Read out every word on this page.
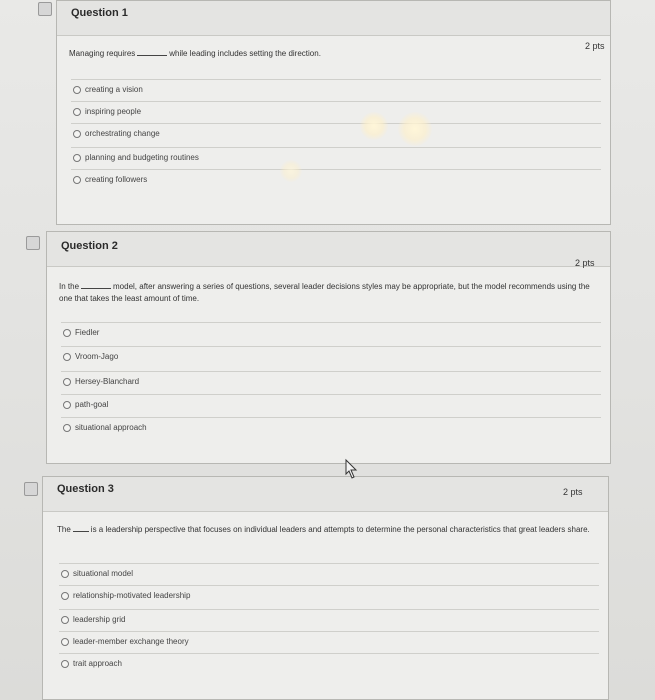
Question 1
2 pts
Managing requires	while leading includes setting the direction.
creating a vision
inspiring people
orchestrating change
planning and budgeting routines
creating followers
Question 2
2 pts
In the	model, after answering a series of questions, several leader decisions styles may be appropriate, but the model recommends using the one that takes the least amount of time.
Fiedler
Vroom-Jago
Hersey-Blanchard
path-goal
situational approach
Question 3	2 pts
The	is a leadership perspective that focuses on individual leaders and attempts to determine the personal characteristics that great leaders share.
situational model
relationship-motivated leadership
leadership grid
leader-member exchange theory
trait approach
